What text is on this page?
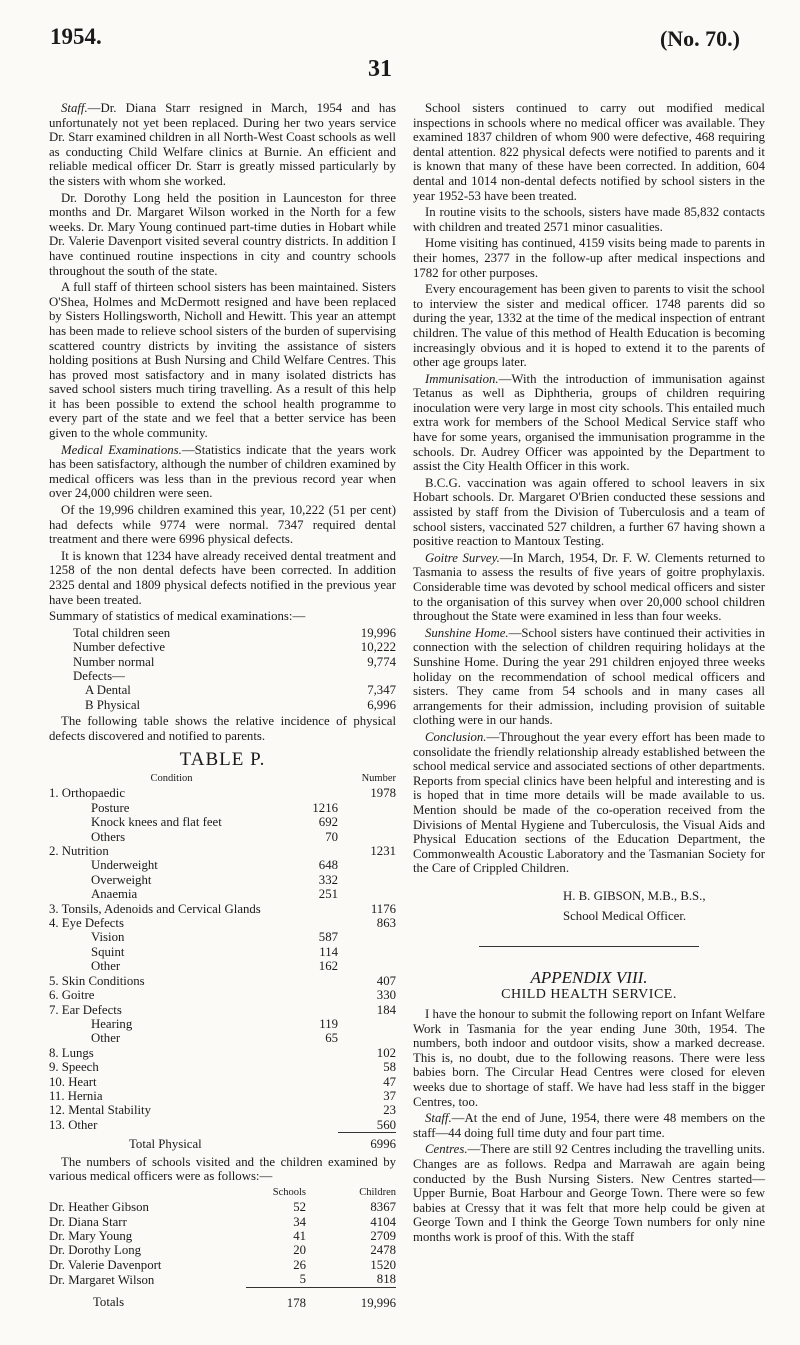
1954.
31
(No. 70.)

Staff.—Dr. Diana Starr resigned in March, 1954 and has unfortunately not yet been replaced. During her two years service Dr. Starr examined children in all North-West Coast schools as well as conducting Child Welfare clinics at Burnie. An efficient and reliable medical officer Dr. Starr is greatly missed particularly by the sisters with whom she worked.

Dr. Dorothy Long held the position in Launceston for three months and Dr. Margaret Wilson worked in the North for a few weeks. Dr. Mary Young continued part-time duties in Hobart while Dr. Valerie Davenport visited several country districts. In addition I have continued routine inspections in city and country schools throughout the south of the state.

A full staff of thirteen school sisters has been maintained. Sisters O'Shea, Holmes and McDermott resigned and have been replaced by Sisters Hollingsworth, Nicholl and Hewitt. This year an attempt has been made to relieve school sisters of the burden of supervising scattered country districts by inviting the assistance of sisters holding positions at Bush Nursing and Child Welfare Centres. This has proved most satisfactory and in many isolated districts has saved school sisters much tiring travelling. As a result of this help it has been possible to extend the school health programme to every part of the state and we feel that a better service has been given to the whole community.

Medical Examinations.—Statistics indicate that the years work has been satisfactory, although the number of children examined by medical officers was less than in the previous record year when over 24,000 children were seen.

Of the 19,996 children examined this year, 10,222 (51 per cent) had defects while 9774 were normal. 7347 required dental treatment and there were 6996 physical defects.

It is known that 1234 have already received dental treatment and 1258 of the non dental defects have been corrected. In addition 2325 dental and 1809 physical defects notified in the previous year have been treated.

Summary of statistics of medical examinations:—

Total children seen	19,996
Number defective	10,222
Number normal	9,774
Defects—	
A Dental	7,347
B Physical	6,996

The following table shows the relative incidence of physical defects discovered and notified to parents.

TABLE P.
Condition		Number
1. Orthopaedic		1978
Posture	1216	
Knock knees and flat feet	692	
Others	70	
2. Nutrition		1231
Underweight	648	
Overweight	332	
Anaemia	251	
3. Tonsils, Adenoids and Cervical Glands		1176
4. Eye Defects		863
Vision	587	
Squint	114	
Other	162	
5. Skin Conditions		407
6. Goitre		330
7. Ear Defects		184
Hearing	119	
Other	65	
8. Lungs		102
9. Speech		58
10. Heart		47
11. Hernia		37
12. Mental Stability		23
13. Other		560
Total Physical		6996

The numbers of schools visited and the children examined by various medical officers were as follows:—

	Schools	Children
Dr. Heather Gibson	52	8367
Dr. Diana Starr	34	4104
Dr. Mary Young	41	2709
Dr. Dorothy Long	20	2478
Dr. Valerie Davenport	26	1520
Dr. Margaret Wilson	5	818
Totals	178	19,996

School sisters continued to carry out modified medical inspections in schools where no medical officer was available. They examined 1837 children of whom 900 were defective, 468 requiring dental attention. 822 physical defects were notified to parents and it is known that many of these have been corrected. In addition, 604 dental and 1014 non-dental defects notified by school sisters in the year 1952-53 have been treated.

In routine visits to the schools, sisters have made 85,832 contacts with children and treated 2571 minor casualities.

Home visiting has continued, 4159 visits being made to parents in their homes, 2377 in the follow-up after medical inspections and 1782 for other purposes.

Every encouragement has been given to parents to visit the school to interview the sister and medical officer. 1748 parents did so during the year, 1332 at the time of the medical inspection of entrant children. The value of this method of Health Education is becoming increasingly obvious and it is hoped to extend it to the parents of other age groups later.

Immunisation.—With the introduction of immunisation against Tetanus as well as Diphtheria, groups of children requiring inoculation were very large in most city schools. This entailed much extra work for members of the School Medical Service staff who have for some years, organised the immunisation programme in the schools. Dr. Audrey Officer was appointed by the Department to assist the City Health Officer in this work.

B.C.G. vaccination was again offered to school leavers in six Hobart schools. Dr. Margaret O'Brien conducted these sessions and assisted by staff from the Division of Tuberculosis and a team of school sisters, vaccinated 527 children, a further 67 having shown a positive reaction to Mantoux Testing.

Goitre Survey.—In March, 1954, Dr. F. W. Clements returned to Tasmania to assess the results of five years of goitre prophylaxis. Considerable time was devoted by school medical officers and sister to the organisation of this survey when over 20,000 school children throughout the State were examined in less than four weeks.

Sunshine Home.—School sisters have continued their activities in connection with the selection of children requiring holidays at the Sunshine Home. During the year 291 children enjoyed three weeks holiday on the recommendation of school medical officers and sisters. They came from 54 schools and in many cases all arrangements for their admission, including provision of suitable clothing were in our hands.

Conclusion.—Throughout the year every effort has been made to consolidate the friendly relationship already established between the school medical service and associated sections of other departments. Reports from special clinics have been helpful and interesting and is is hoped that in time more details will be made available to us. Mention should be made of the co-operation received from the Divisions of Mental Hygiene and Tuberculosis, the Visual Aids and Physical Education sections of the Education Department, the Commonwealth Acoustic Laboratory and the Tasmanian Society for the Care of Crippled Children.

H. B. GIBSON, M.B., B.S.,
School Medical Officer.
APPENDIX VIII.
CHILD HEALTH SERVICE.

I have the honour to submit the following report on Infant Welfare Work in Tasmania for the year ending June 30th, 1954. The numbers, both indoor and outdoor visits, show a marked decrease. This is, no doubt, due to the following reasons. There were less babies born. The Circular Head Centres were closed for eleven weeks due to shortage of staff. We have had less staff in the bigger Centres, too.

Staff.—At the end of June, 1954, there were 48 members on the staff—44 doing full time duty and four part time.

Centres.—There are still 92 Centres including the travelling units. Changes are as follows. Redpa and Marrawah are again being conducted by the Bush Nursing Sisters. New Centres started—Upper Burnie, Boat Harbour and George Town. There were so few babies at Cressy that it was felt that more help could be given at George Town and I think the George Town numbers for only nine months work is proof of this. With the staff
